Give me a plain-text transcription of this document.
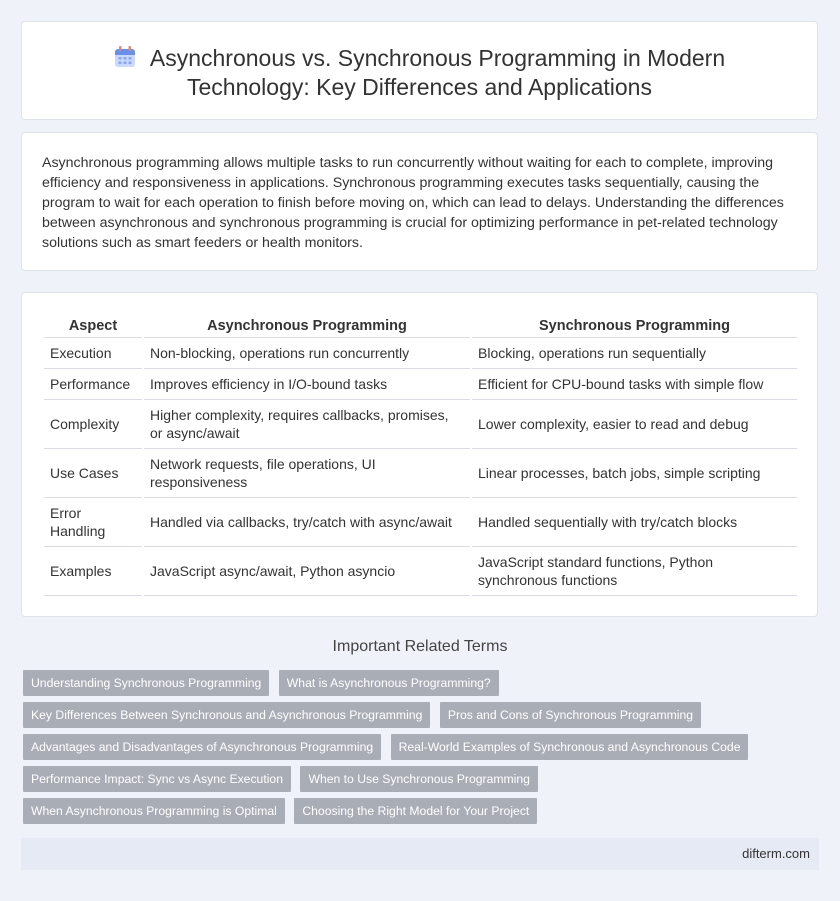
Asynchronous vs. Synchronous Programming in Modern
Technology: Key Differences and Applications

Asynchronous programming allows multiple tasks to run concurrently without waiting for each to complete, improving efficiency and responsiveness in applications. Synchronous programming executes tasks sequentially, causing the program to wait for each operation to finish before moving on, which can lead to delays. Understanding the differences between asynchronous and synchronous programming is crucial for optimizing performance in pet-related technology solutions such as smart feeders or health monitors.

Aspect	Asynchronous Programming	Synchronous Programming
Execution	Non-blocking, operations run concurrently	Blocking, operations run sequentially
Performance	Improves efficiency in I/O-bound tasks	Efficient for CPU-bound tasks with simple flow
Complexity	Higher complexity, requires callbacks, promises, or async/await	Lower complexity, easier to read and debug
Use Cases	Network requests, file operations, UI responsiveness	Linear processes, batch jobs, simple scripting
Error Handling	Handled via callbacks, try/catch with async/await	Handled sequentially with try/catch blocks
Examples	JavaScript async/await, Python asyncio	JavaScript standard functions, Python synchronous functions
Important Related Terms
Understanding Synchronous Programming What is Asynchronous Programming? Key Differences Between Synchronous and Asynchronous Programming Pros and Cons of Synchronous Programming Advantages and Disadvantages of Asynchronous Programming Real-World Examples of Synchronous and Asynchronous Code Performance Impact: Sync vs Async Execution When to Use Synchronous Programming When Asynchronous Programming is Optimal Choosing the Right Model for Your Project
difterm.com
